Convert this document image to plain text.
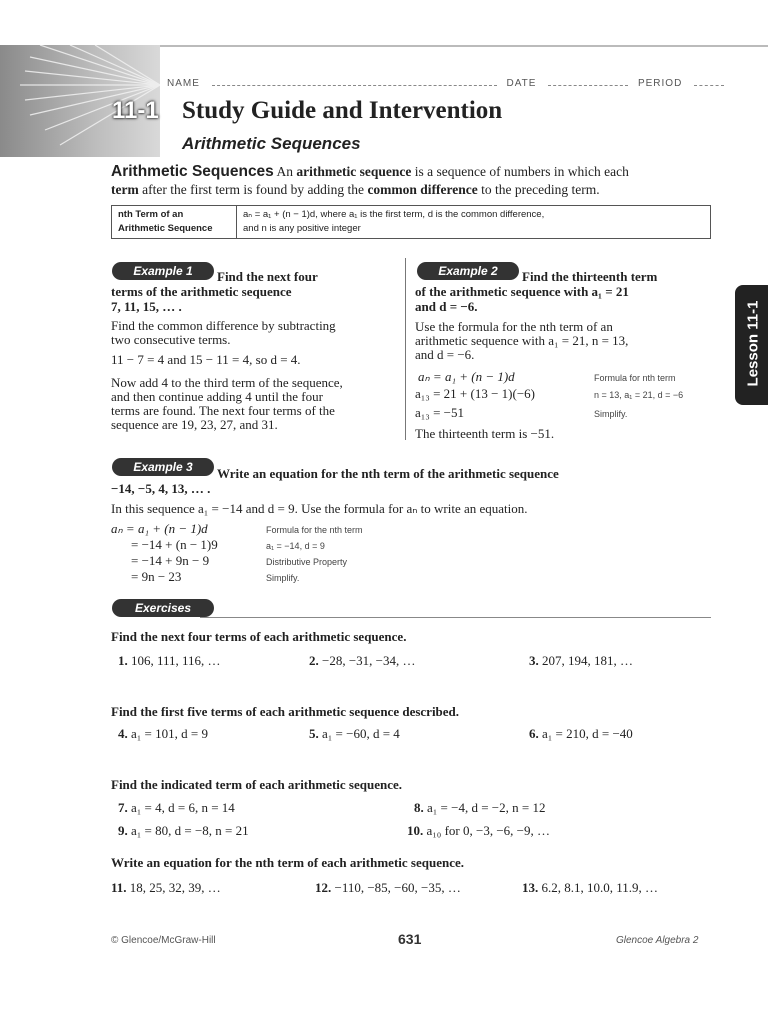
NAME	DATE	PERIOD
11-1 Study Guide and Intervention
Arithmetic Sequences
Arithmetic Sequences An arithmetic sequence is a sequence of numbers in which each
term after the first term is found by adding the common difference to the preceding term.
nth Term of an
Arithmetic Sequence	aₙ = a₁ + (n − 1)d, where a₁ is the first term, d is the common difference,
and n is any positive integer
Lesson 11-1
Example 1	Find the next four
terms of the arithmetic sequence
7, 11, 15, … .
Find the common difference by subtracting
two consecutive terms.
11 − 7 = 4 and 15 − 11 = 4, so d = 4.
Now add 4 to the third term of the sequence,
and then continue adding 4 until the four
terms are found. The next four terms of the
sequence are 19, 23, 27, and 31.
Example 2	Find the thirteenth term
of the arithmetic sequence with a₁ = 21
and d = −6.
Use the formula for the nth term of an
arithmetic sequence with a₁ = 21, n = 13,
and d = −6.
aₙ = a₁ + (n − 1)d	Formula for nth term
a₁₃ = 21 + (13 − 1)(−6)	n = 13, a₁ = 21, d = −6
a₁₃ = −51	Simplify.
The thirteenth term is −51.
Example 3	Write an equation for the nth term of the arithmetic sequence
−14, −5, 4, 13, … .
In this sequence a₁ = −14 and d = 9. Use the formula for aₙ to write an equation.
aₙ = a₁ + (n − 1)d	Formula for the nth term
= −14 + (n − 1)9	a₁ = −14, d = 9
= −14 + 9n − 9	Distributive Property
= 9n − 23	Simplify.
Exercises
Find the next four terms of each arithmetic sequence.
1. 106, 111, 116, …	2. −28, −31, −34, …	3. 207, 194, 181, …
Find the first five terms of each arithmetic sequence described.
4. a₁ = 101, d = 9	5. a₁ = −60, d = 4	6. a₁ = 210, d = −40
Find the indicated term of each arithmetic sequence.
7. a₁ = 4, d = 6, n = 14	8. a₁ = −4, d = −2, n = 12
9. a₁ = 80, d = −8, n = 21	10. a₁₀ for 0, −3, −6, −9, …
Write an equation for the nth term of each arithmetic sequence.
11. 18, 25, 32, 39, …	12. −110, −85, −60, −35, …	13. 6.2, 8.1, 10.0, 11.9, …
© Glencoe/McGraw-Hill	631	Glencoe Algebra 2
